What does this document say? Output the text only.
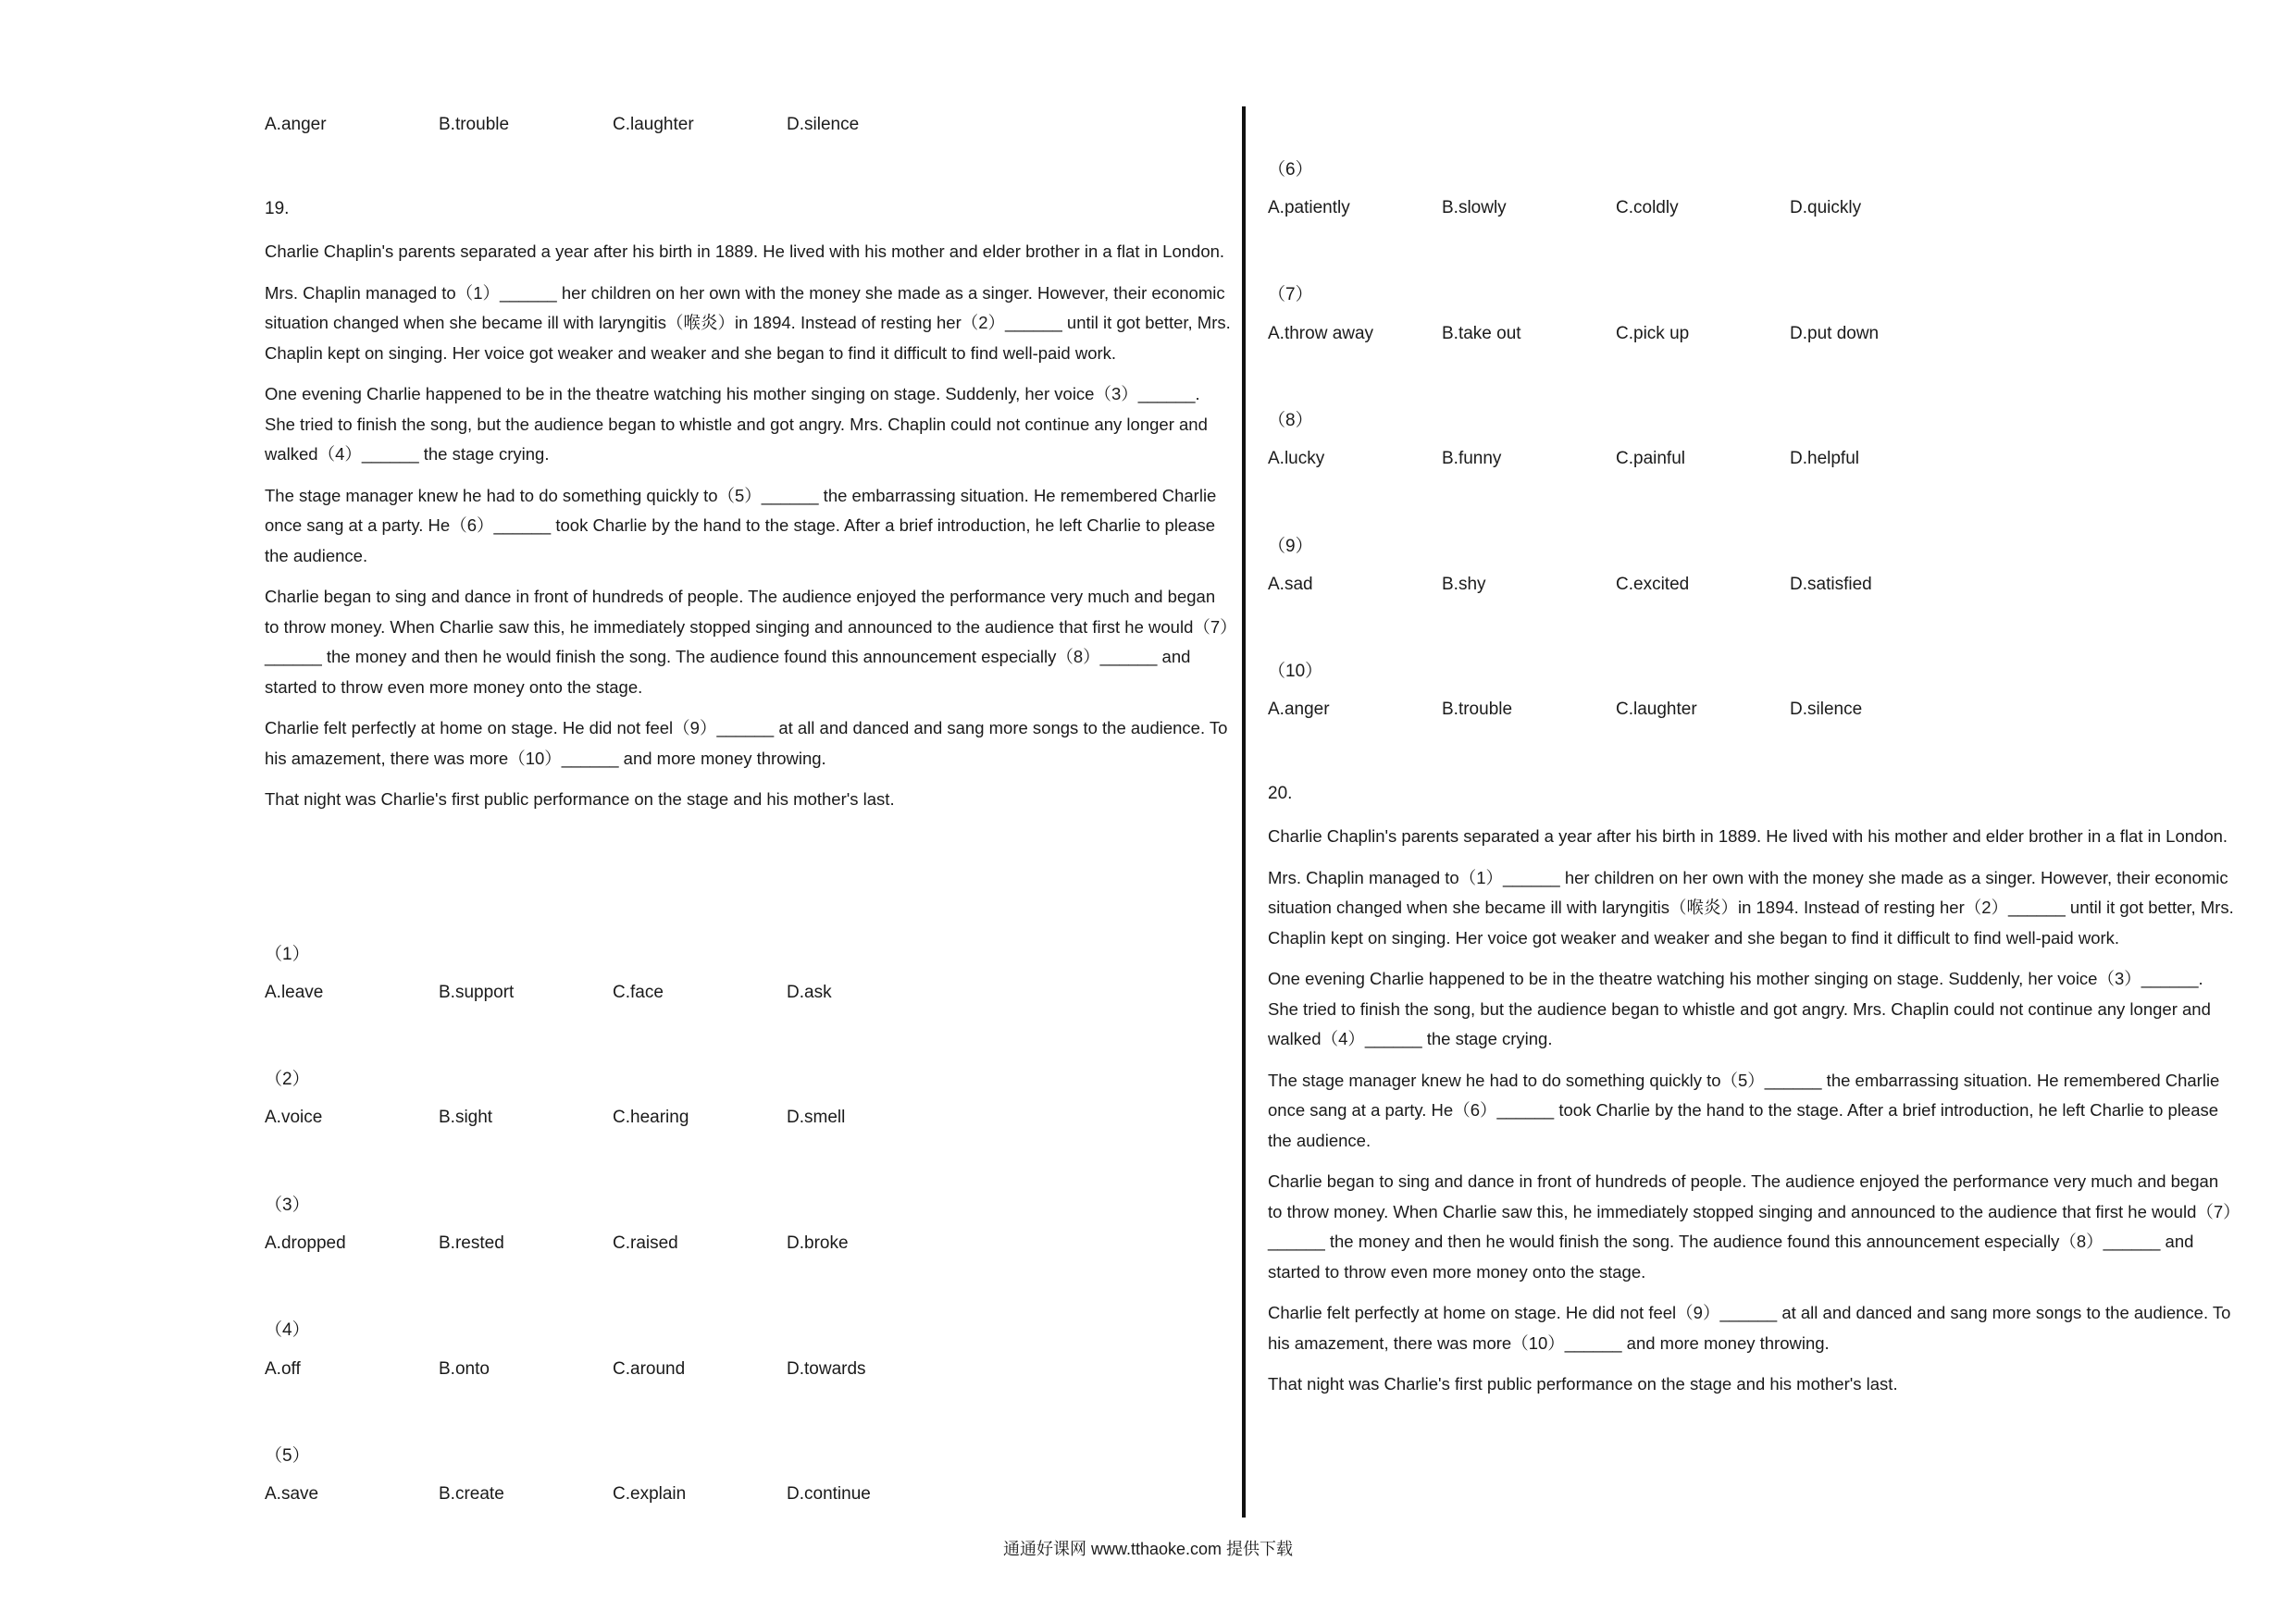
A.anger	B.trouble	C.laughter	D.silence
19.

Charlie Chaplin's parents separated a year after his birth in 1889. He lived with his mother and elder brother in a flat in London.

Mrs. Chaplin managed to（1）______ her children on her own with the money she made as a singer. However, their economic situation changed when she became ill with laryngitis（喉炎）in 1894. Instead of resting her（2）______ until it got better, Mrs. Chaplin kept on singing. Her voice got weaker and weaker and she began to find it difficult to find well-paid work.

One evening Charlie happened to be in the theatre watching his mother singing on stage. Suddenly, her voice（3）______. She tried to finish the song, but the audience began to whistle and got angry. Mrs. Chaplin could not continue any longer and walked（4）______ the stage crying.

The stage manager knew he had to do something quickly to（5）______ the embarrassing situation. He remembered Charlie once sang at a party. He（6）______ took Charlie by the hand to the stage. After a brief introduction, he left Charlie to please the audience.

Charlie began to sing and dance in front of hundreds of people. The audience enjoyed the performance very much and began to throw money. When Charlie saw this, he immediately stopped singing and announced to the audience that first he would（7）______ the money and then he would finish the song. The audience found this announcement especially（8）______ and started to throw even more money onto the stage.

Charlie felt perfectly at home on stage. He did not feel（9）______ at all and danced and sang more songs to the audience. To his amazement, there was more（10）______ and more money throwing.

That night was Charlie's first public performance on the stage and his mother's last.

（1）
A.leave	B.support	C.face	D.ask
（2）
A.voice	B.sight	C.hearing	D.smell
（3）
A.dropped	B.rested	C.raised	D.broke
（4）
A.off	B.onto	C.around	D.towards
（5）
A.save	B.create	C.explain	D.continue
（6）
A.patiently	B.slowly	C.coldly	D.quickly
（7）
A.throw away	B.take out	C.pick up	D.put down
（8）
A.lucky	B.funny	C.painful	D.helpful
（9）
A.sad	B.shy	C.excited	D.satisfied
（10）
A.anger	B.trouble	C.laughter	D.silence
20.

Charlie Chaplin's parents separated a year after his birth in 1889. He lived with his mother and elder brother in a flat in London.

Mrs. Chaplin managed to（1）______ her children on her own with the money she made as a singer. However, their economic situation changed when she became ill with laryngitis（喉炎）in 1894. Instead of resting her（2）______ until it got better, Mrs. Chaplin kept on singing. Her voice got weaker and weaker and she began to find it difficult to find well-paid work.

One evening Charlie happened to be in the theatre watching his mother singing on stage. Suddenly, her voice（3）______. She tried to finish the song, but the audience began to whistle and got angry. Mrs. Chaplin could not continue any longer and walked（4）______ the stage crying.

The stage manager knew he had to do something quickly to（5）______ the embarrassing situation. He remembered Charlie once sang at a party. He（6）______ took Charlie by the hand to the stage. After a brief introduction, he left Charlie to please the audience.

Charlie began to sing and dance in front of hundreds of people. The audience enjoyed the performance very much and began to throw money. When Charlie saw this, he immediately stopped singing and announced to the audience that first he would（7）______ the money and then he would finish the song. The audience found this announcement especially（8）______ and started to throw even more money onto the stage.

Charlie felt perfectly at home on stage. He did not feel（9）______ at all and danced and sang more songs to the audience. To his amazement, there was more（10）______ and more money throwing.

That night was Charlie's first public performance on the stage and his mother's last.

通通好课网 www.tthaoke.com 提供下载
